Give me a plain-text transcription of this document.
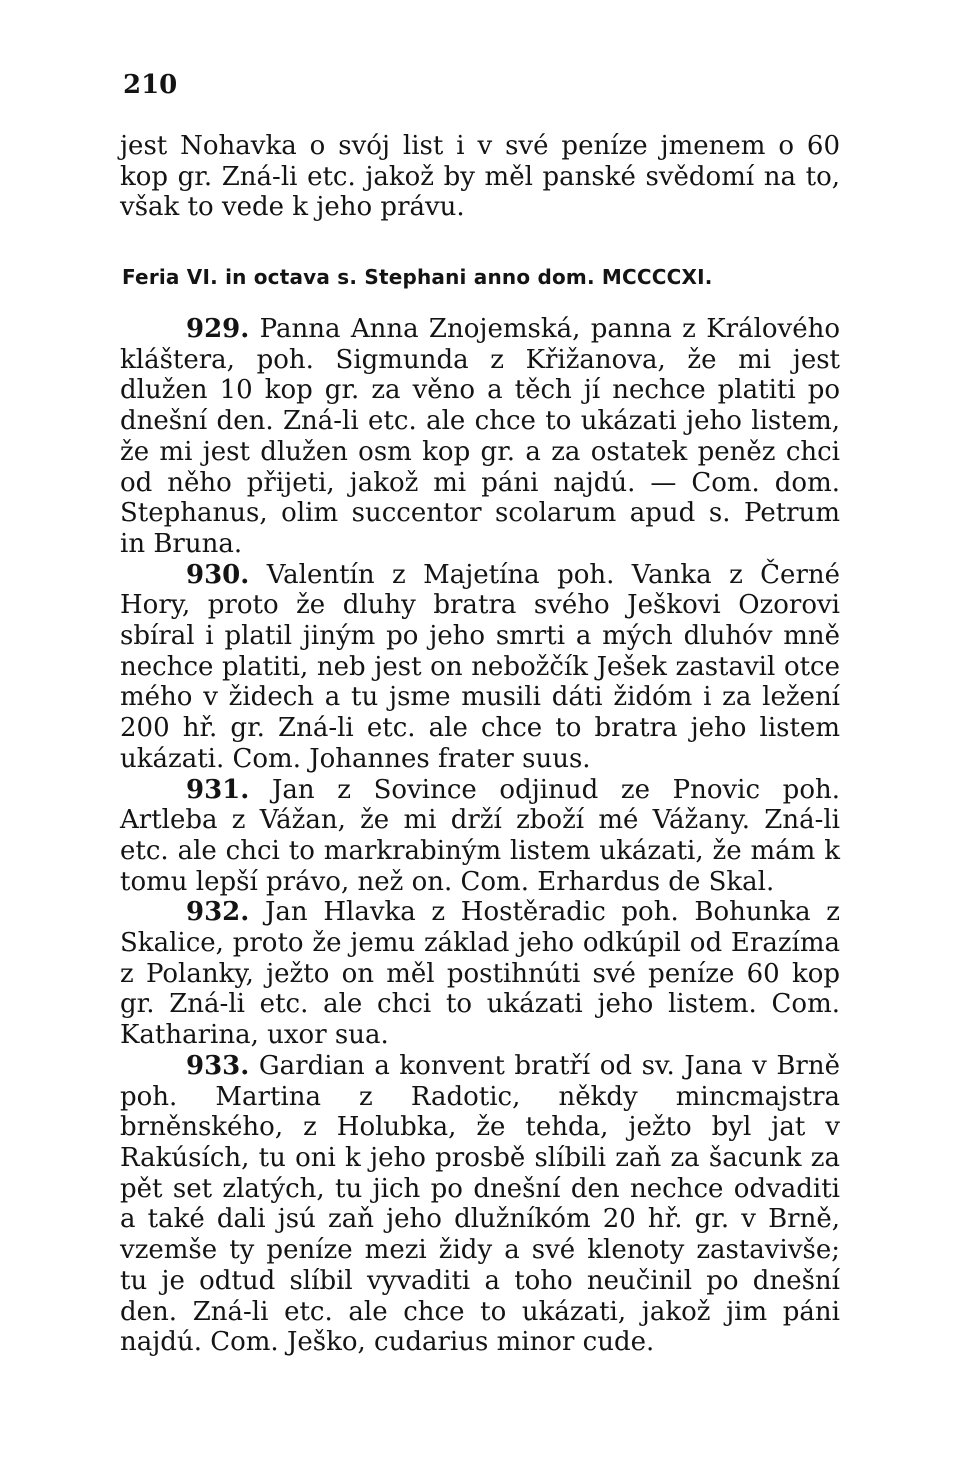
210

jest Nohavka o svój list i v své peníze jmenem o 60 kop gr. Zná-li etc. jakož by měl panské svědomí na to, však to vede k jeho právu.

Feria VI. in octava s. Stephani anno dom. MCCCCXI.

929. Panna Anna Znojemská, panna z Králového kláštera, poh. Sigmunda z Křižanova, že mi jest dlužen 10 kop gr. za věno a těch jí nechce platiti po dnešní den. Zná-li etc. ale chce to ukázati jeho listem, že mi jest dlužen osm kop gr. a za ostatek peněz chci od něho přijeti, jakož mi páni najdú. — Com. dom. Stephanus, olim succentor scolarum apud s. Petrum in Bruna.

930. Valentín z Majetína poh. Vanka z Černé Hory, proto že dluhy bratra svého Ješkovi Ozorovi sbíral i platil jiným po jeho smrti a mých dluhóv mně nechce platiti, neb jest on nebožčík Ješek zastavil otce mého v židech a tu jsme musili dáti židóm i za ležení 200 hř. gr. Zná-li etc. ale chce to bratra jeho listem ukázati. Com. Johannes frater suus.

931. Jan z Sovince odjinud ze Pnovic poh. Artleba z Vážan, že mi drží zboží mé Vážany. Zná-li etc. ale chci to markrabiným listem ukázati, že mám k tomu lepší právo, než on. Com. Erhardus de Skal.

932. Jan Hlavka z Hostěradic poh. Bohunka z Skalice, proto že jemu základ jeho odkúpil od Erazíma z Polanky, ježto on měl postihnúti své peníze 60 kop gr. Zná-li etc. ale chci to ukázati jeho listem. Com. Katharina, uxor sua.

933. Gardian a konvent bratří od sv. Jana v Brně poh. Martina z Radotic, někdy mincmajstra brněnského, z Holubka, že tehda, ježto byl jat v Rakúsích, tu oni k jeho prosbě slíbili zaň za šacunk za pět set zlatých, tu jich po dnešní den nechce odvaditi a také dali jsú zaň jeho dlužníkóm 20 hř. gr. v Brně, vzemše ty peníze mezi židy a své klenoty zastavivše; tu je odtud slíbil vyvaditi a toho neučinil po dnešní den. Zná-li etc. ale chce to ukázati, jakož jim páni najdú. Com. Ješko, cudarius minor cude.
